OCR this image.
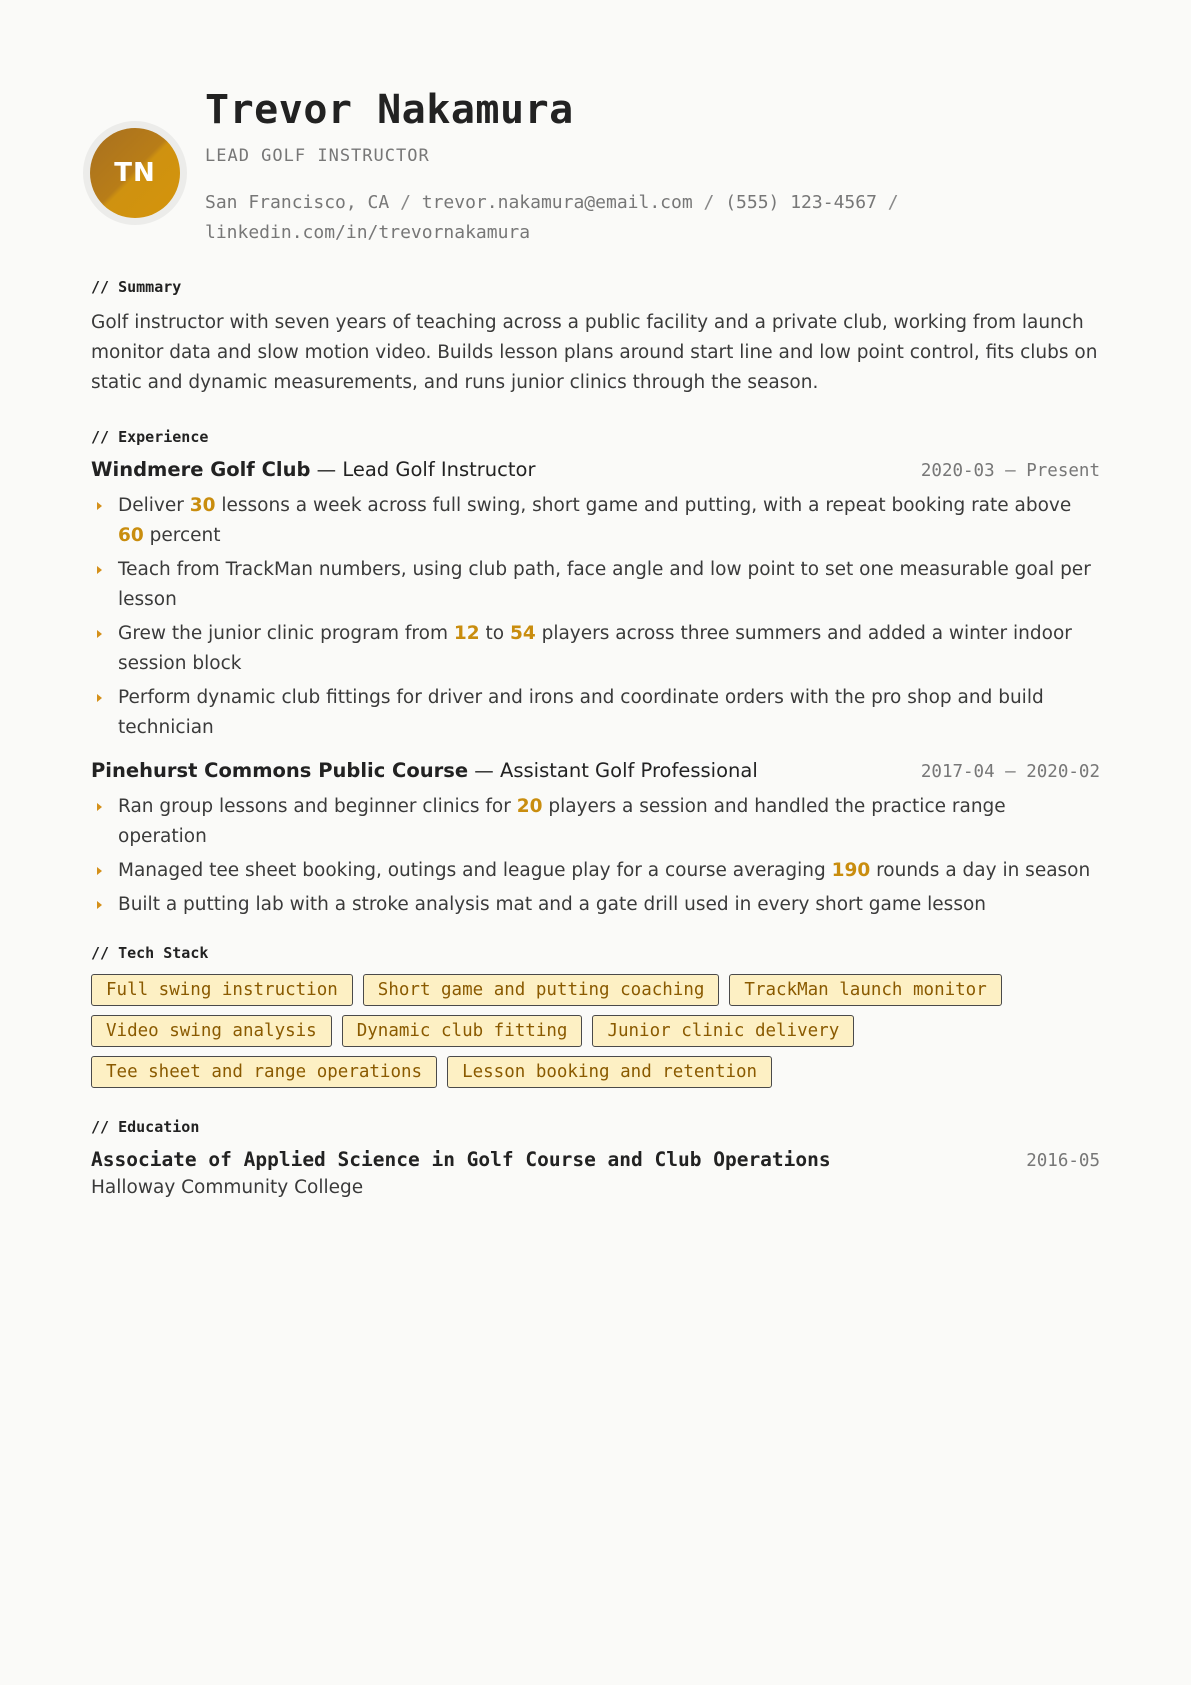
TN
Trevor Nakamura
LEAD GOLF INSTRUCTOR
San Francisco, CA / trevor.nakamura@email.com / (555) 123-4567 /
linkedin.com/in/trevornakamura
// Summary

Golf instructor with seven years of teaching across a public facility and a private club, working from launch monitor data and slow motion video. Builds lesson plans around start line and low point control, fits clubs on static and dynamic measurements, and runs junior clinics through the season.

// Experience
Windmere Golf Club — Lead Golf Instructor	2020-03 – Present
Deliver 30 lessons a week across full swing, short game and putting, with a repeat booking rate above 60 percent
Teach from TrackMan numbers, using club path, face angle and low point to set one measurable goal per lesson
Grew the junior clinic program from 12 to 54 players across three summers and added a winter indoor session block
Perform dynamic club fittings for driver and irons and coordinate orders with the pro shop and build technician
Pinehurst Commons Public Course — Assistant Golf Professional	2017-04 – 2020-02
Ran group lessons and beginner clinics for 20 players a session and handled the practice range operation
Managed tee sheet booking, outings and league play for a course averaging 190 rounds a day in season
Built a putting lab with a stroke analysis mat and a gate drill used in every short game lesson
// Tech Stack
Full swing instruction	Short game and putting coaching	TrackMan launch monitor
Video swing analysis	Dynamic club fitting	Junior clinic delivery
Tee sheet and range operations	Lesson booking and retention
// Education
Associate of Applied Science in Golf Course and Club Operations	2016-05
Halloway Community College
